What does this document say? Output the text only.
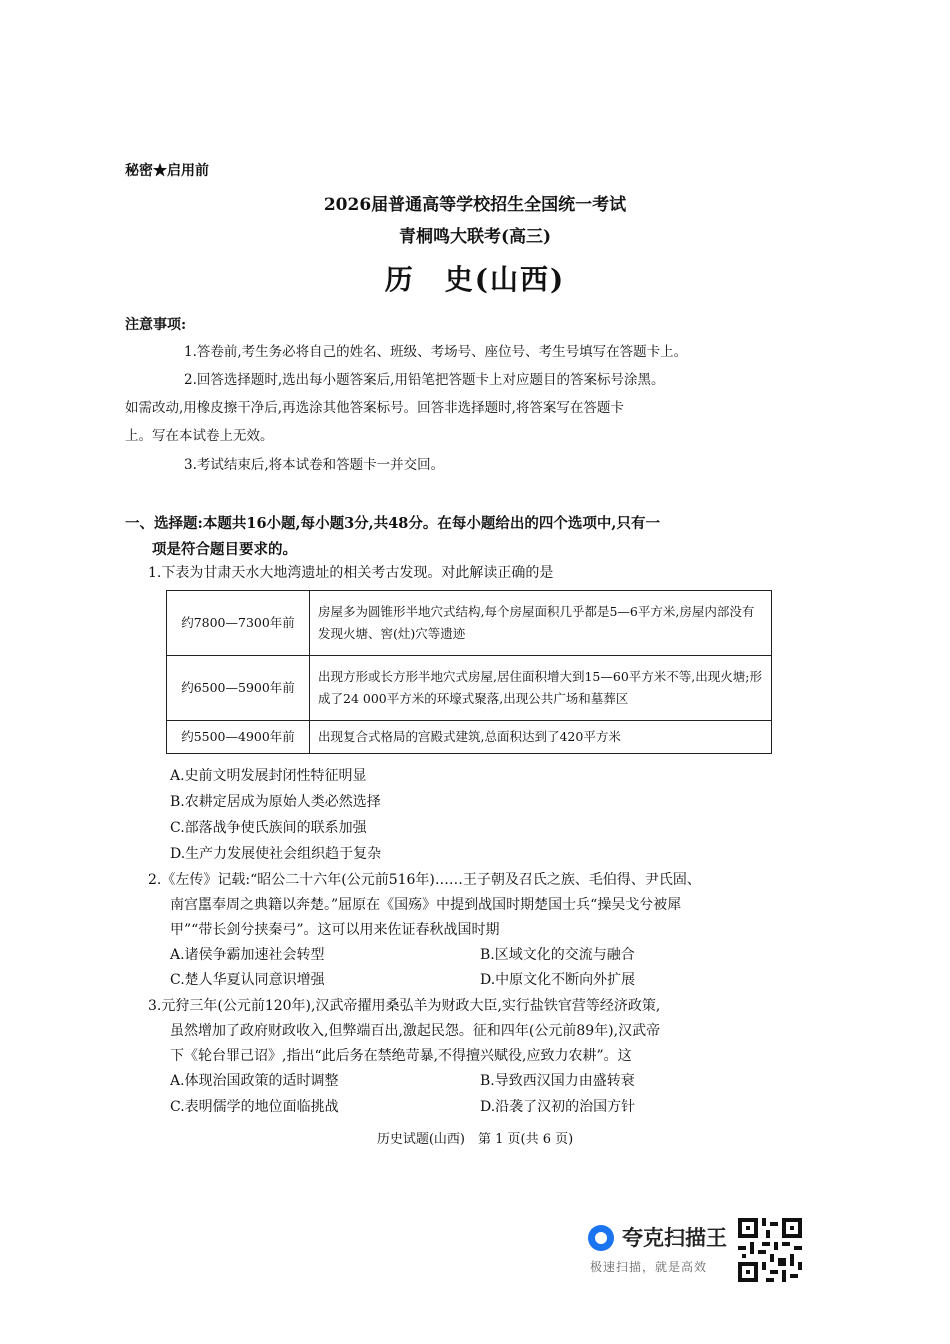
秘密★启用前
2026届普通高等学校招生全国统一考试
青桐鸣大联考(高三)
历　史(山西)
注意事项:
1.答卷前,考生务必将自己的姓名、班级、考场号、座位号、考生号填写在答题卡上。
2.回答选择题时,选出每小题答案后,用铅笔把答题卡上对应题目的答案标号涂黑。
如需改动,用橡皮擦干净后,再选涂其他答案标号。回答非选择题时,将答案写在答题卡
上。写在本试卷上无效。
3.考试结束后,将本试卷和答题卡一并交回。
一、选择题:本题共16小题,每小题3分,共48分。在每小题给出的四个选项中,只有一
项是符合题目要求的。
1.下表为甘肃天水大地湾遗址的相关考古发现。对此解读正确的是
约7800—7300年前	房屋多为圆锥形半地穴式结构,每个房屋面积几乎都是5—6平方米,房屋内部没有发现火塘、窖(灶)穴等遗迹
约6500—5900年前	出现方形或长方形半地穴式房屋,居住面积增大到15—60平方米不等,出现火塘;形成了24 000平方米的环壕式聚落,出现公共广场和墓葬区
约5500—4900年前	出现复合式格局的宫殿式建筑,总面积达到了420平方米
A.史前文明发展封闭性特征明显
B.农耕定居成为原始人类必然选择
C.部落战争使氏族间的联系加强
D.生产力发展使社会组织趋于复杂
2.《左传》记载:“昭公二十六年(公元前516年)……王子朝及召氏之族、毛伯得、尹氏固、
南宫嚚奉周之典籍以奔楚。”屈原在《国殇》中提到战国时期楚国士兵“操吴戈兮被犀
甲”“带长剑兮挟秦弓”。这可以用来佐证春秋战国时期
A.诸侯争霸加速社会转型	B.区域文化的交流与融合
C.楚人华夏认同意识增强	D.中原文化不断向外扩展
3.元狩三年(公元前120年),汉武帝擢用桑弘羊为财政大臣,实行盐铁官营等经济政策,
虽然增加了政府财政收入,但弊端百出,激起民怨。征和四年(公元前89年),汉武帝
下《轮台罪己诏》,指出“此后务在禁绝苛暴,不得擅兴赋役,应致力农耕”。这
A.体现治国政策的适时调整	B.导致西汉国力由盛转衰
C.表明儒学的地位面临挑战	D.沿袭了汉初的治国方针
历史试题(山西)　第 1 页(共 6 页)
夸克扫描王
极速扫描，就是高效
